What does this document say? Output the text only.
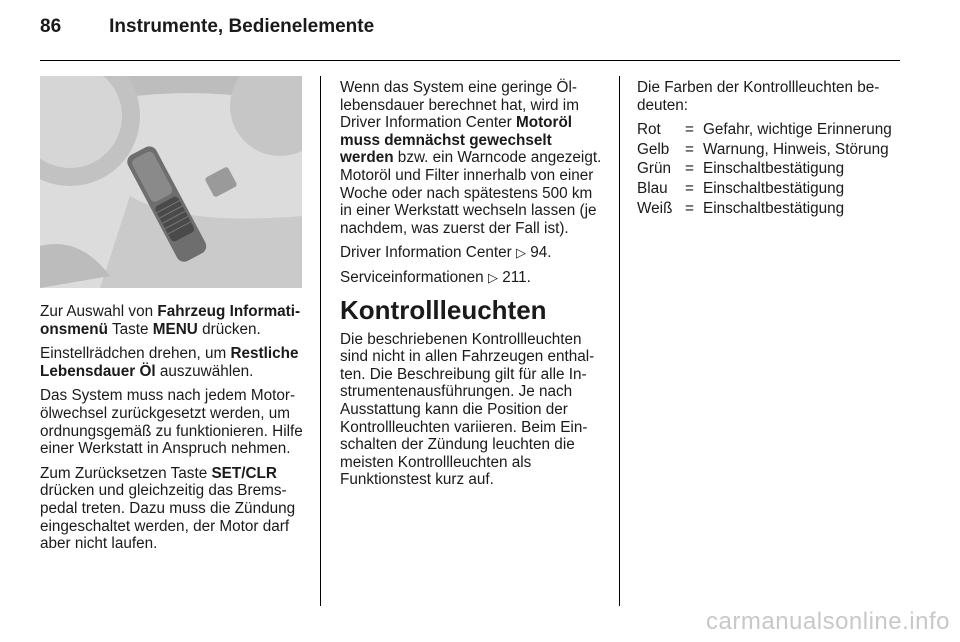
86	Instrumente, Bedienelemente

Zur Auswahl von Fahrzeug Informationsmenü Taste MENU drücken.

Einstellrädchen drehen, um Restliche Lebensdauer Öl auszuwählen.

Das System muss nach jedem Motorölwechsel zurückgesetzt werden, um ordnungsgemäß zu funktionieren. Hilfe einer Werkstatt in Anspruch nehmen.

Zum Zurücksetzen Taste SET/CLR drücken und gleichzeitig das Bremspedal treten. Dazu muss die Zündung eingeschaltet werden, der Motor darf aber nicht laufen.

Wenn das System eine geringe Öllebensdauer berechnet hat, wird im Driver Information Center Motoröl muss demnächst gewechselt werden bzw. ein Warncode angezeigt. Motoröl und Filter innerhalb von einer Woche oder nach spätestens 500 km in einer Werkstatt wechseln lassen (je nachdem, was zuerst der Fall ist).

Driver Information Center ▷ 94.

Serviceinformationen ▷ 211.

Kontrollleuchten

Die beschriebenen Kontrollleuchten sind nicht in allen Fahrzeugen enthalten. Die Beschreibung gilt für alle Instrumentenausführungen. Je nach Ausstattung kann die Position der Kontrollleuchten variieren. Beim Einschalten der Zündung leuchten die meisten Kontrollleuchten als Funktionstest kurz auf.

Die Farben der Kontrollleuchten bedeuten:

Rot	=	Gefahr, wichtige Erinnerung
Gelb	=	Warnung, Hinweis, Störung
Grün	=	Einschaltbestätigung
Blau	=	Einschaltbestätigung
Weiß	=	Einschaltbestätigung
carmanualsonline.info
